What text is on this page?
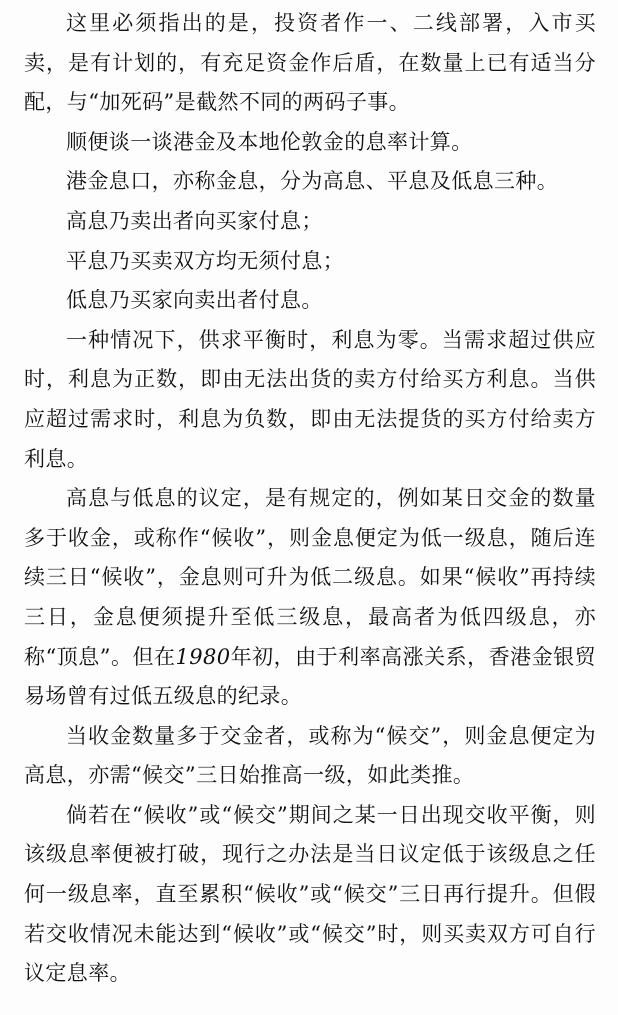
这里必须指出的是，投资者作一、二线部署，入市买卖，是有计划的，有充足资金作后盾，在数量上已有适当分配，与“加死码”是截然不同的两码子事。

顺便谈一谈港金及本地伦敦金的息率计算。

港金息口，亦称金息，分为高息、平息及低息三种。

高息乃卖出者向买家付息；

平息乃买卖双方均无须付息；

低息乃买家向卖出者付息。

一种情况下，供求平衡时，利息为零。当需求超过供应时，利息为正数，即由无法出货的卖方付给买方利息。当供应超过需求时，利息为负数，即由无法提货的买方付给卖方利息。

高息与低息的议定，是有规定的，例如某日交金的数量多于收金，或称作“候收”，则金息便定为低一级息，随后连续三日“候收”，金息则可升为低二级息。如果“候收”再持续三日，金息便须提升至低三级息，最高者为低四级息，亦称“顶息”。但在1980年初，由于利率高涨关系，香港金银贸易场曾有过低五级息的纪录。

当收金数量多于交金者，或称为“候交”，则金息便定为高息，亦需“候交”三日始推高一级，如此类推。

倘若在“候收”或“候交”期间之某一日出现交收平衡，则该级息率便被打破，现行之办法是当日议定低于该级息之任何一级息率，直至累积“候收”或“候交”三日再行提升。但假若交收情况未能达到“候收”或“候交”时，则买卖双方可自行议定息率。
